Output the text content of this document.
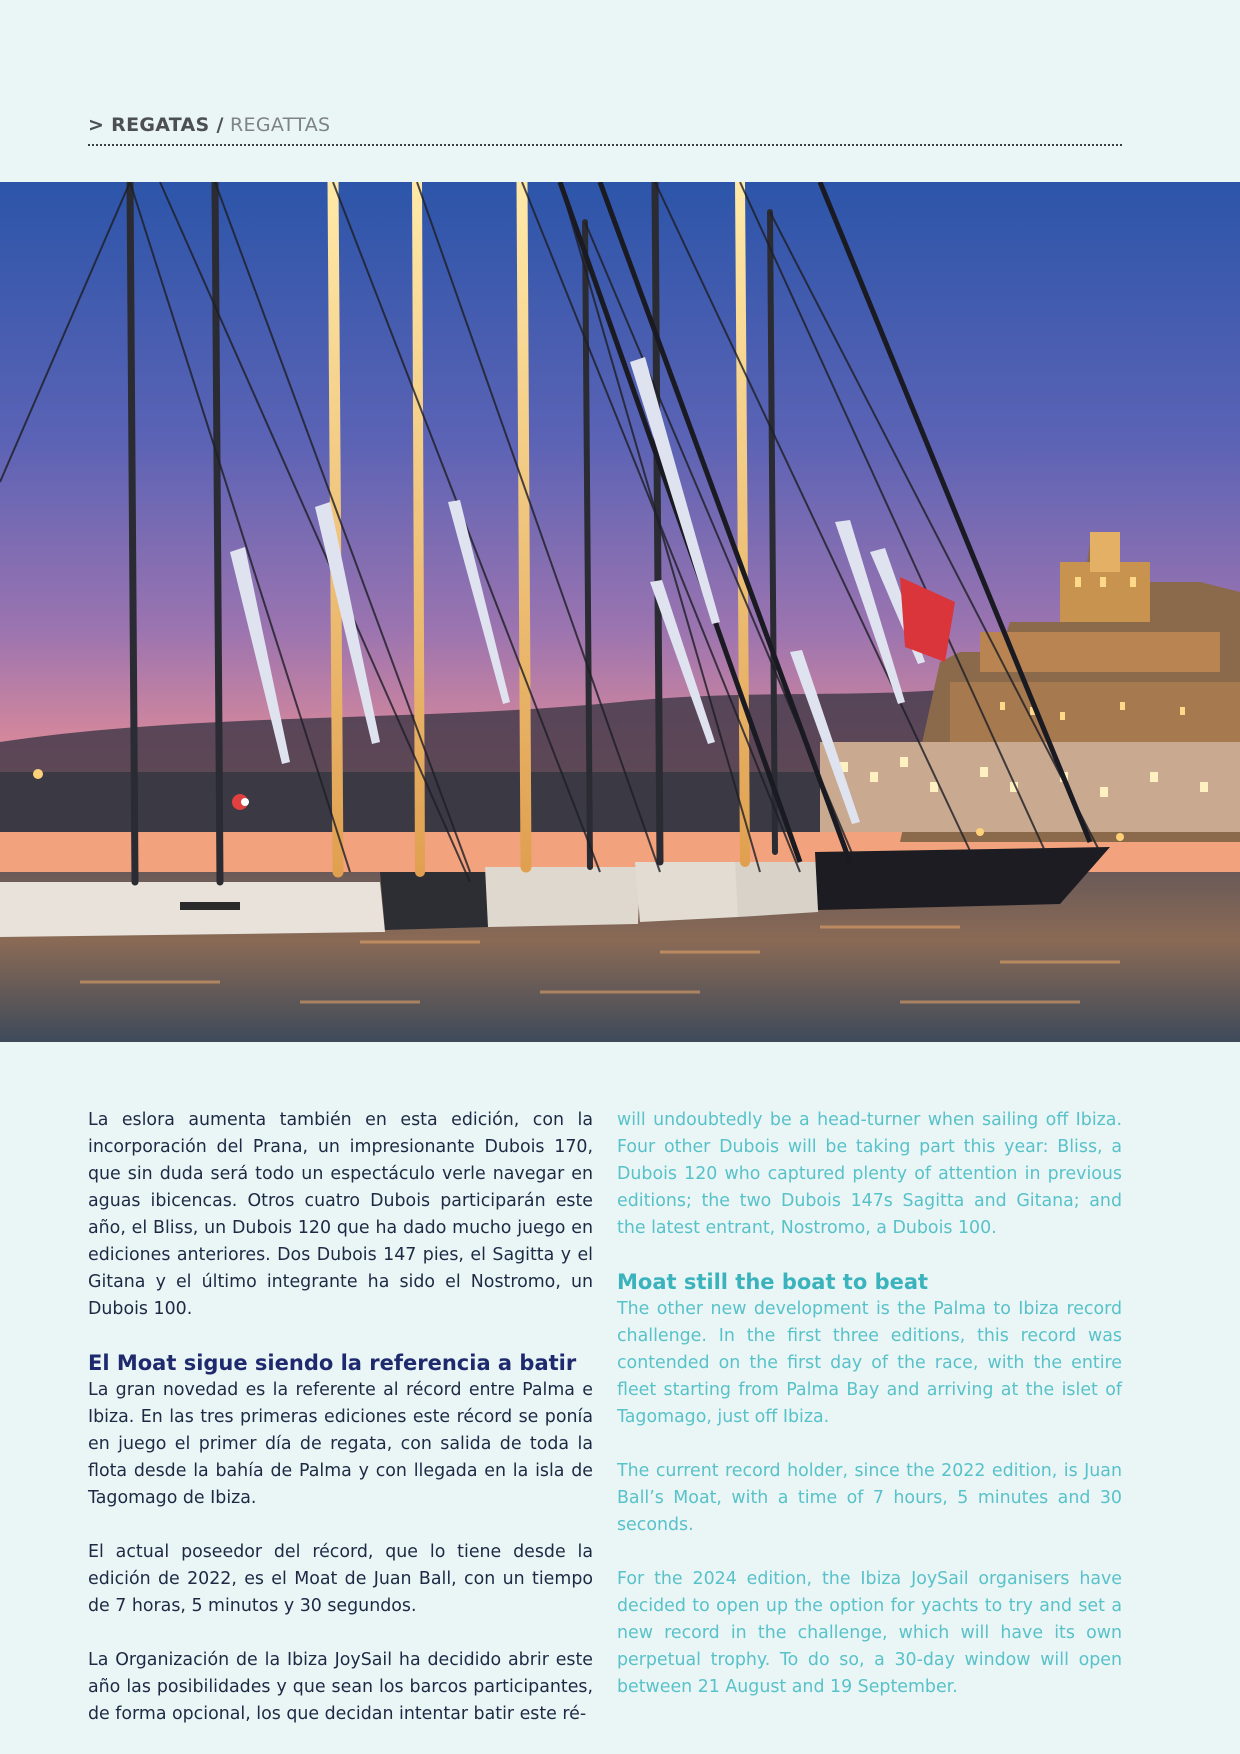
> REGATAS / REGATTAS

La eslora aumenta también en esta edición, con la incorporación del Prana, un impresionante Dubois 170, que sin duda será todo un espectáculo verle navegar en aguas ibicencas. Otros cuatro Dubois participarán este año, el Bliss, un Dubois 120 que ha dado mucho juego en ediciones anteriores. Dos Dubois 147 pies, el Sagitta y el Gitana y el último integrante ha sido el Nostromo, un Dubois 100.

El Moat sigue siendo la referencia a batir

La gran novedad es la referente al récord entre Palma e Ibiza. En las tres primeras ediciones este récord se ponía en juego el primer día de regata, con salida de toda la flota desde la bahía de Palma y con llegada en la isla de Tagomago de Ibiza.

El actual poseedor del récord, que lo tiene desde la edición de 2022, es el Moat de Juan Ball, con un tiempo de 7 horas, 5 minutos y 30 segundos.

La Organización de la Ibiza JoySail ha decidido abrir este año las posibilidades y que sean los barcos participantes, de forma opcional, los que decidan intentar batir este ré-

will undoubtedly be a head-turner when sailing off Ibiza. Four other Dubois will be taking part this year: Bliss, a Dubois 120 who captured plenty of attention in previous editions; the two Dubois 147s Sagitta and Gitana; and the latest entrant, Nostromo, a Dubois 100.

Moat still the boat to beat

The other new development is the Palma to Ibiza record challenge. In the first three editions, this record was contended on the first day of the race, with the entire fleet starting from Palma Bay and arriving at the islet of Tagomago, just off Ibiza.

The current record holder, since the 2022 edition, is Juan Ball’s Moat, with a time of 7 hours, 5 minutes and 30 seconds.

For the 2024 edition, the Ibiza JoySail organisers have decided to open up the option for yachts to try and set a new record in the challenge, which will have its own perpetual trophy. To do so, a 30-day window will open between 21 August and 19 September.
